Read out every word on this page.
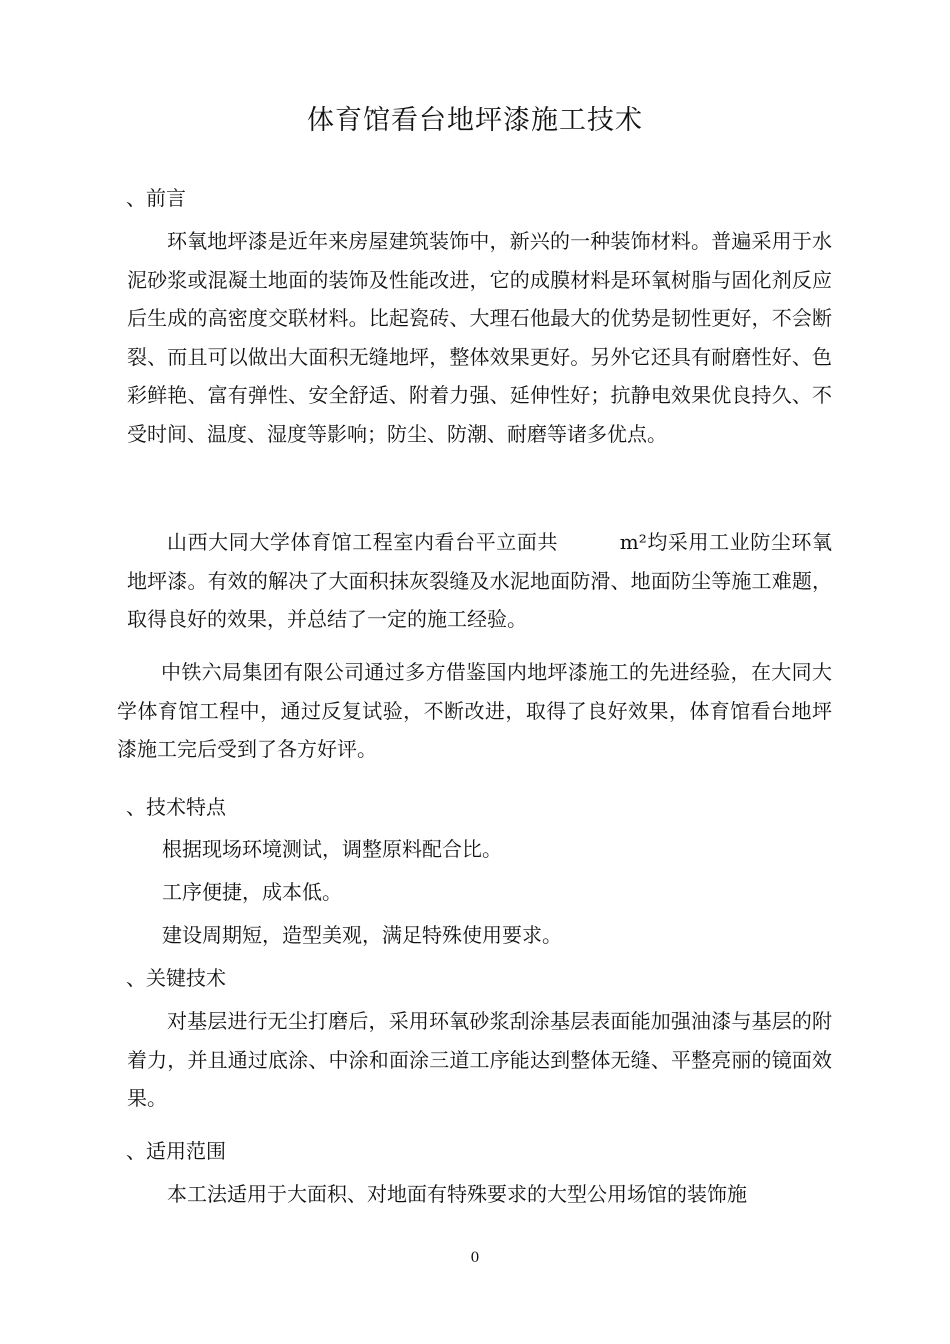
体育馆看台地坪漆施工技术
、前言

环氧地坪漆是近年来房屋建筑装饰中，新兴的一种装饰材料。普遍采用于水泥砂浆或混凝土地面的装饰及性能改进，它的成膜材料是环氧树脂与固化剂反应后生成的高密度交联材料。比起瓷砖、大理石他最大的优势是韧性更好，不会断裂、而且可以做出大面积无缝地坪，整体效果更好。另外它还具有耐磨性好、色彩鲜艳、富有弹性、安全舒适、附着力强、延伸性好；抗静电效果优良持久、不受时间、温度、湿度等影响；防尘、防潮、耐磨等诸多优点。

山西大同大学体育馆工程室内看台平立面共　　　m²均采用工业防尘环氧地坪漆。有效的解决了大面积抹灰裂缝及水泥地面防滑、地面防尘等施工难题，取得良好的效果，并总结了一定的施工经验。

中铁六局集团有限公司通过多方借鉴国内地坪漆施工的先进经验，在大同大学体育馆工程中，通过反复试验，不断改进，取得了良好效果，体育馆看台地坪漆施工完后受到了各方好评。

、技术特点

根据现场环境测试，调整原料配合比。

工序便捷，成本低。

建设周期短，造型美观，满足特殊使用要求。

、关键技术

对基层进行无尘打磨后，采用环氧砂浆刮涂基层表面能加强油漆与基层的附着力，并且通过底涂、中涂和面涂三道工序能达到整体无缝、平整亮丽的镜面效果。

、适用范围

本工法适用于大面积、对地面有特殊要求的大型公用场馆的装饰施

0
